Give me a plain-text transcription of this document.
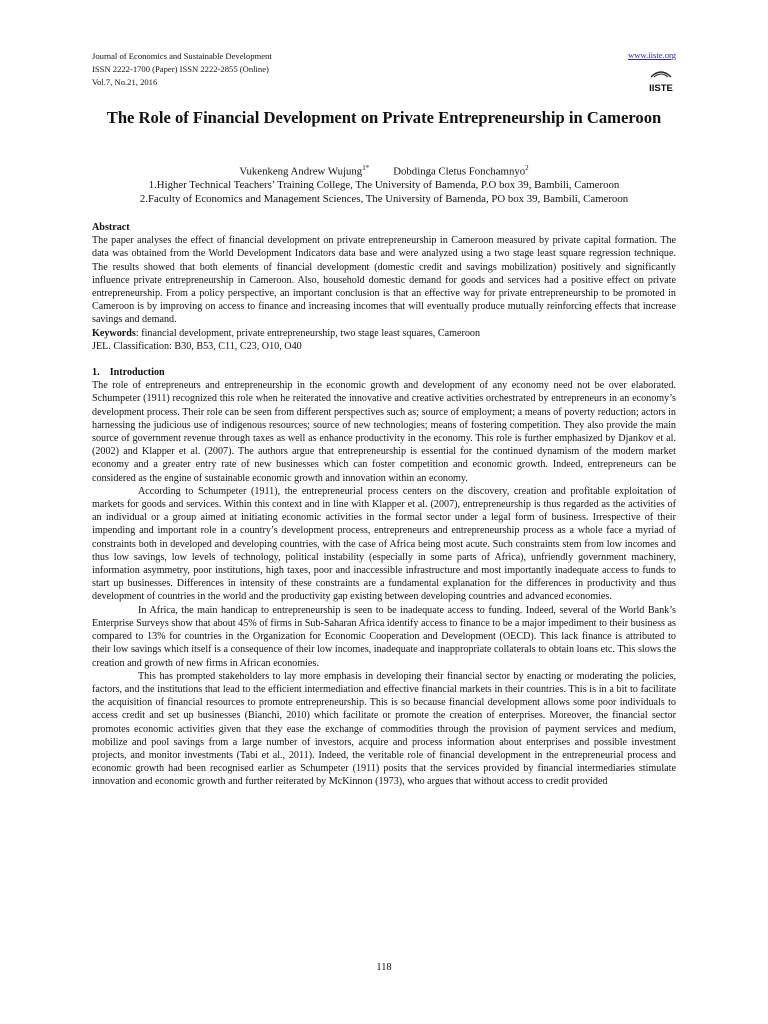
Journal of Economics and Sustainable Development
ISSN 2222-1700 (Paper) ISSN 2222-2855 (Online)
Vol.7, No.21, 2016
www.iiste.org
IISTE
The Role of Financial Development on Private Entrepreneurship in Cameroon
Vukenkeng Andrew Wujung$^{1*}$ Dobdinga Cletus Fonchamnyo$^2$
1.Higher Technical Teachers’ Training College, The University of Bamenda, P.O box 39, Bambili, Cameroon
2.Faculty of Economics and Management Sciences, The University of Bamenda, PO box 39, Bambili, Cameroon
Abstract

The paper analyses the effect of financial development on private entrepreneurship in Cameroon measured by private capital formation. The data was obtained from the World Development Indicators data base and were analyzed using a two stage least square regression technique. The results showed that both elements of financial development (domestic credit and savings mobilization) positively and significantly influence private entrepreneurship in Cameroon. Also, household domestic demand for goods and services had a positive effect on private entrepreneurship. From a policy perspective, an important conclusion is that an effective way for private entrepreneurship to be promoted in Cameroon is by improving on access to finance and increasing incomes that will eventually produce mutually reinforcing effects that increase savings and demand.

Keywords: financial development, private entrepreneurship, two stage least squares, Cameroon

JEL. Classification: B30, B53, C11, C23, O10, O40

1.    Introduction

The role of entrepreneurs and entrepreneurship in the economic growth and development of any economy need not be over elaborated. Schumpeter (1911) recognized this role when he reiterated the innovative and creative activities orchestrated by entrepreneurs in an economy’s development process. Their role can be seen from different perspectives such as; source of employment; a means of poverty reduction; actors in harnessing the judicious use of indigenous resources; source of new technologies; means of fostering competition. They also provide the main source of government revenue through taxes as well as enhance productivity in the economy. This role is further emphasized by Djankov et al. (2002) and Klapper et al. (2007). The authors argue that entrepreneurship is essential for the continued dynamism of the modern market economy and a greater entry rate of new businesses which can foster competition and economic growth. Indeed, entrepreneurs can be considered as the engine of sustainable economic growth and innovation within an economy.

According to Schumpeter (1911), the entrepreneurial process centers on the discovery, creation and profitable exploitation of markets for goods and services. Within this context and in line with Klapper et al. (2007), entrepreneurship is thus regarded as the activities of an individual or a group aimed at initiating economic activities in the formal sector under a legal form of business. Irrespective of their impending and important role in a country’s development process, entrepreneurs and entrepreneurship process as a whole face a myriad of constraints both in developed and developing countries, with the case of Africa being most acute. Such constraints stem from low incomes and thus low savings, low levels of technology, political instability (especially in some parts of Africa), unfriendly government machinery, information asymmetry, poor institutions, high taxes, poor and inaccessible infrastructure and most importantly inadequate access to funds to start up businesses. Differences in intensity of these constraints are a fundamental explanation for the differences in productivity and thus development of countries in the world and the productivity gap existing between developing countries and advanced economies.

In Africa, the main handicap to entrepreneurship is seen to be inadequate access to funding. Indeed, several of the World Bank’s Enterprise Surveys show that about 45% of firms in Sub-Saharan Africa identify access to finance to be a major impediment to their business as compared to 13% for countries in the Organization for Economic Cooperation and Development (OECD). This lack finance is attributed to their low savings which itself is a consequence of their low incomes, inadequate and inappropriate collaterals to obtain loans etc. This slows the creation and growth of new firms in African economies.

This has prompted stakeholders to lay more emphasis in developing their financial sector by enacting or moderating the policies, factors, and the institutions that lead to the efficient intermediation and effective financial markets in their countries. This is in a bit to facilitate the acquisition of financial resources to promote entrepreneurship. This is so because financial development allows some poor individuals to access credit and set up businesses (Bianchi, 2010) which facilitate or promote the creation of enterprises. Moreover, the financial sector promotes economic activities given that they ease the exchange of commodities through the provision of payment services and medium, mobilize and pool savings from a large number of investors, acquire and process information about enterprises and possible investment projects, and monitor investments (Tabi et al., 2011). Indeed, the veritable role of financial development in the entrepreneurial process and economic growth had been recognised earlier as Schumpeter (1911) posits that the services provided by financial intermediaries stimulate innovation and economic growth and further reiterated by McKinnon (1973), who argues that without access to credit provided

118
